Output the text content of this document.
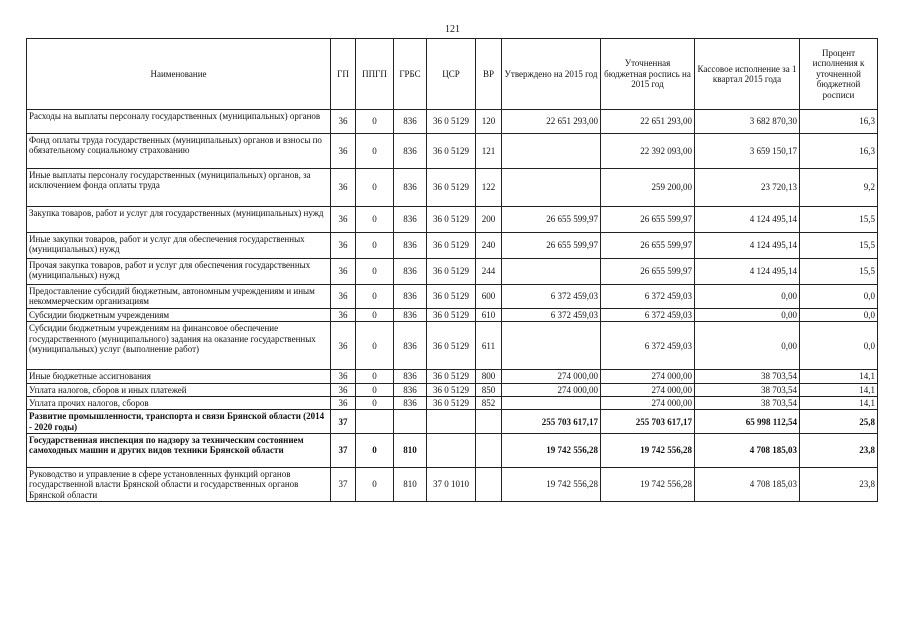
121
Наименование	ГП	ППГП	ГРБС	ЦСР	ВР	Утверждено на 2015 год	Уточненная бюджетная роспись на 2015 год	Кассовое исполнение за 1 квартал 2015 года	Процент исполнения к уточненной бюджетной росписи
Расходы на выплаты персоналу государственных (муниципальных) органов	36	0	836	36 0 5129	120	22 651 293,00	22 651 293,00	3 682 870,30	16,3
Фонд оплаты труда государственных (муниципальных) органов и взносы по обязательному социальному страхованию	36	0	836	36 0 5129	121		22 392 093,00	3 659 150,17	16,3
Иные выплаты персоналу государственных (муниципальных) органов, за исключением фонда оплаты труда	36	0	836	36 0 5129	122		259 200,00	23 720,13	9,2
Закупка товаров, работ и услуг для государственных (муниципальных) нужд	36	0	836	36 0 5129	200	26 655 599,97	26 655 599,97	4 124 495,14	15,5
Иные закупки товаров, работ и услуг для обеспечения государственных (муниципальных) нужд	36	0	836	36 0 5129	240	26 655 599,97	26 655 599,97	4 124 495,14	15,5
Прочая закупка товаров, работ и услуг для обеспечения государственных (муниципальных) нужд	36	0	836	36 0 5129	244		26 655 599,97	4 124 495,14	15,5
Предоставление субсидий бюджетным, автономным учреждениям и иным некоммерческим организациям	36	0	836	36 0 5129	600	6 372 459,03	6 372 459,03	0,00	0,0
Субсидии бюджетным учреждениям	36	0	836	36 0 5129	610	6 372 459,03	6 372 459,03	0,00	0,0
Субсидии бюджетным учреждениям на финансовое обеспечение государственного (муниципального) задания на оказание государственных (муниципальных) услуг (выполнение работ)	36	0	836	36 0 5129	611		6 372 459,03	0,00	0,0
Иные бюджетные ассигнования	36	0	836	36 0 5129	800	274 000,00	274 000,00	38 703,54	14,1
Уплата налогов, сборов и иных платежей	36	0	836	36 0 5129	850	274 000,00	274 000,00	38 703,54	14,1
Уплата прочих налогов, сборов	36	0	836	36 0 5129	852		274 000,00	38 703,54	14,1
Развитие промышленности, транспорта и связи Брянской области (2014 - 2020 годы)	37					255 703 617,17	255 703 617,17	65 998 112,54	25,8
Государственная инспекция по надзору за техническим состоянием самоходных машин и других видов техники Брянской области	37	0	810			19 742 556,28	19 742 556,28	4 708 185,03	23,8
Руководство и управление в сфере установленных функций органов государственной власти Брянской области и государственных органов Брянской области	37	0	810	37 0 1010		19 742 556,28	19 742 556,28	4 708 185,03	23,8
